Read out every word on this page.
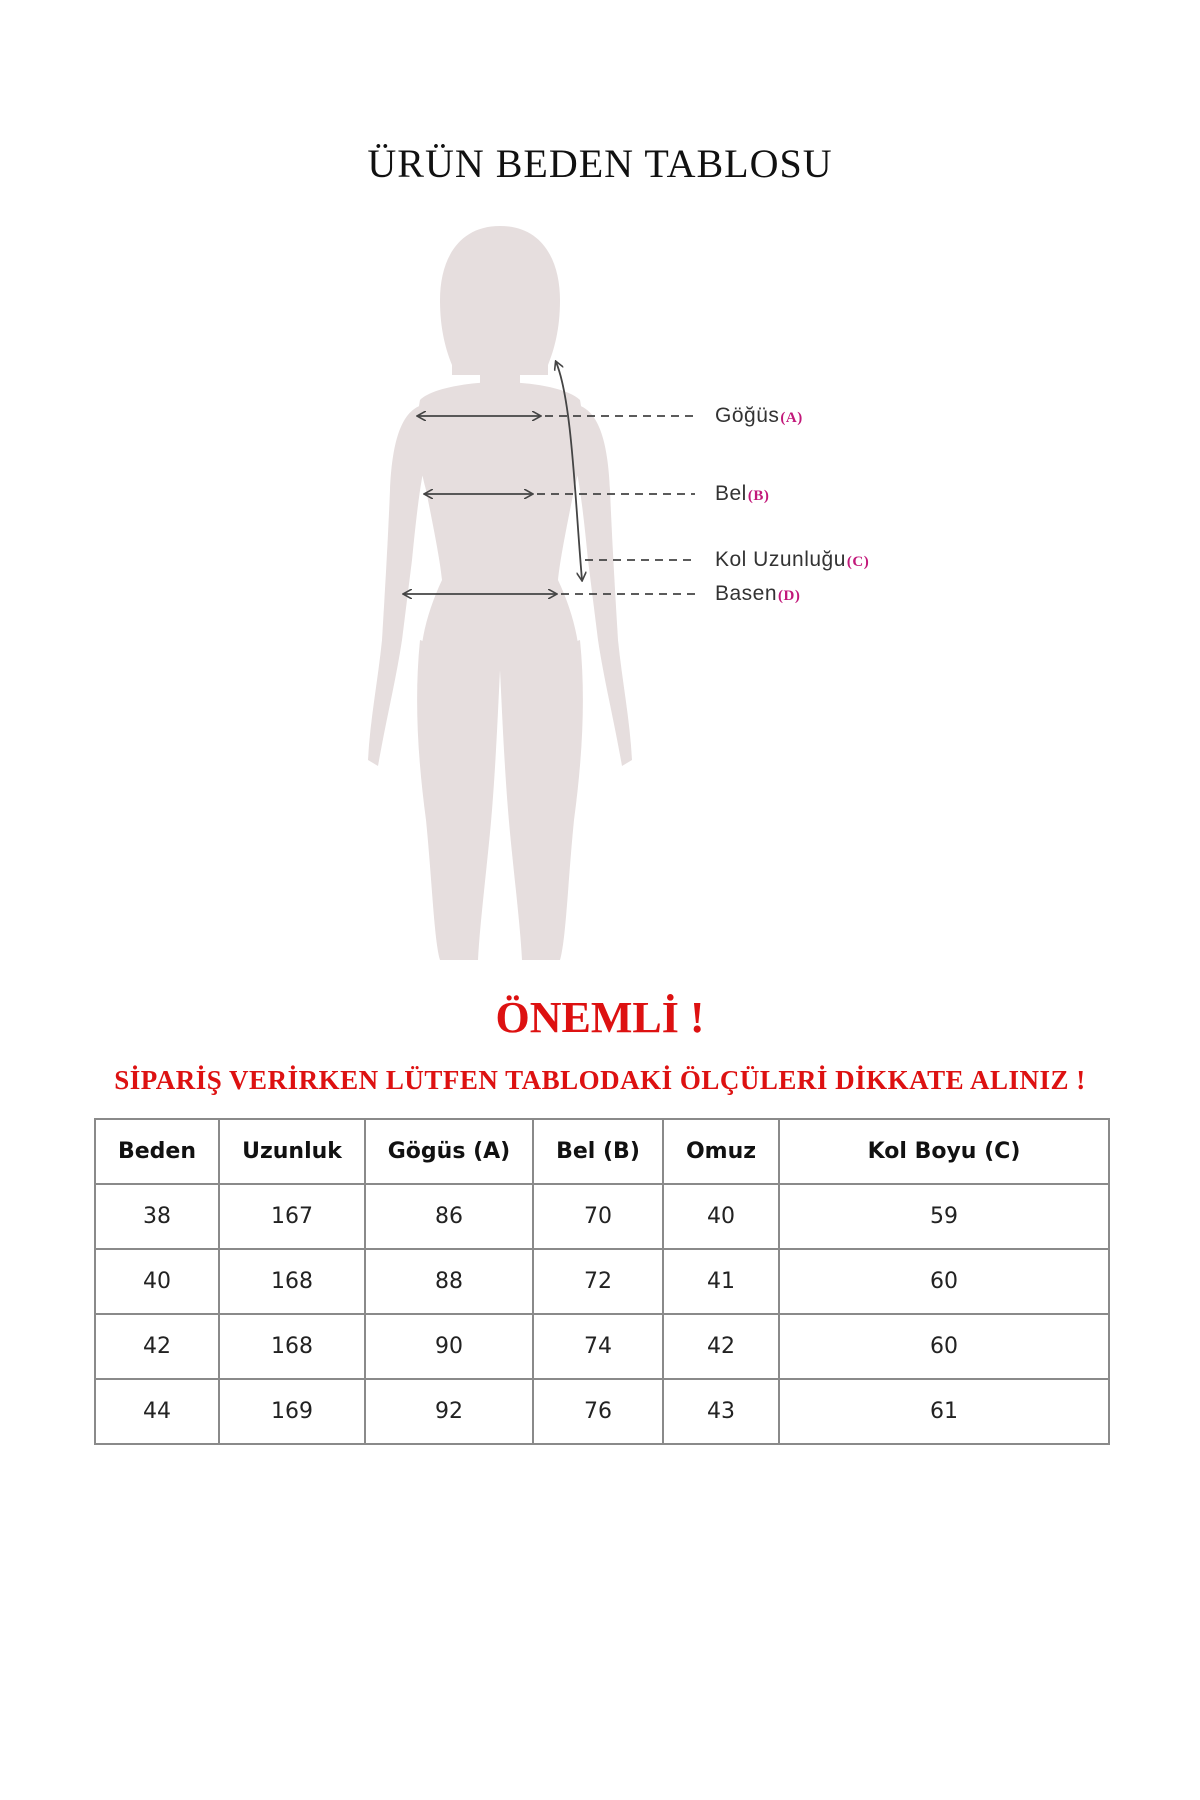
ÜRÜN BEDEN TABLOSU
Göğüs(A)
Bel(B)
Kol Uzunluğu(C)
Basen(D)
ÖNEMLİ !
SİPARİŞ VERİRKEN LÜTFEN TABLODAKİ ÖLÇÜLERİ DİKKATE ALINIZ !
Beden	Uzunluk	Gögüs (A)	Bel (B)	Omuz	Kol Boyu (C)
38	167	86	70	40	59
40	168	88	72	41	60
42	168	90	74	42	60
44	169	92	76	43	61
